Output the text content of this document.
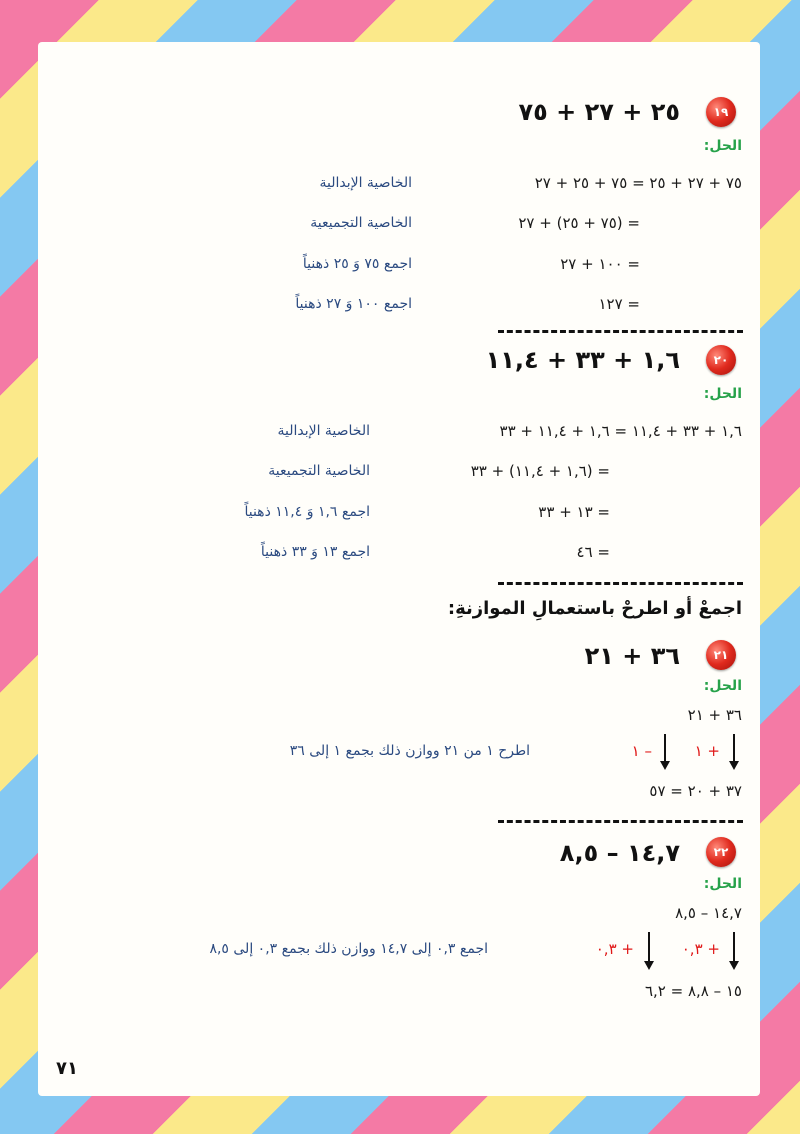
١٩
٢٥ + ٢٧ + ٧٥
الحل:
٧٥ + ٢٧ + ٢٥ = ٧٥ + ٢٥ + ٢٧
الخاصية الإبدالية
= (٧٥ + ٢٥) + ٢٧
الخاصية التجميعية
= ١٠٠ + ٢٧
اجمع ٧٥ وَ ٢٥ ذهنياً
= ١٢٧
اجمع ١٠٠ وَ ٢٧ ذهنياً
٢٠
١,٦ + ٣٣ + ١١,٤
الحل:
١,٦ + ٣٣ + ١١,٤ = ١,٦ + ١١,٤ + ٣٣
الخاصية الإبدالية
= (١,٦ + ١١,٤) + ٣٣
الخاصية التجميعية
= ١٣ + ٣٣
اجمع ١,٦ وَ ١١,٤ ذهنياً
= ٤٦
اجمع ١٣ وَ ٣٣ ذهنياً
اجمعْ أو اطرحْ باستعمالِ الموازنةِ:
٢١
٣٦ + ٢١
الحل:
٣٦ + ٢١
+ ١
– ١
اطرح ١ من ٢١ ووازن ذلك بجمع ١ إلى ٣٦
٣٧ + ٢٠ = ٥٧
٢٢
١٤,٧ – ٨,٥
الحل:
١٤,٧ – ٨,٥
+ ٠,٣
+ ٠,٣
اجمع ٠,٣ إلى ١٤,٧ ووازن ذلك بجمع ٠,٣ إلى ٨,٥
١٥ – ٨,٨ = ٦,٢
٧١
